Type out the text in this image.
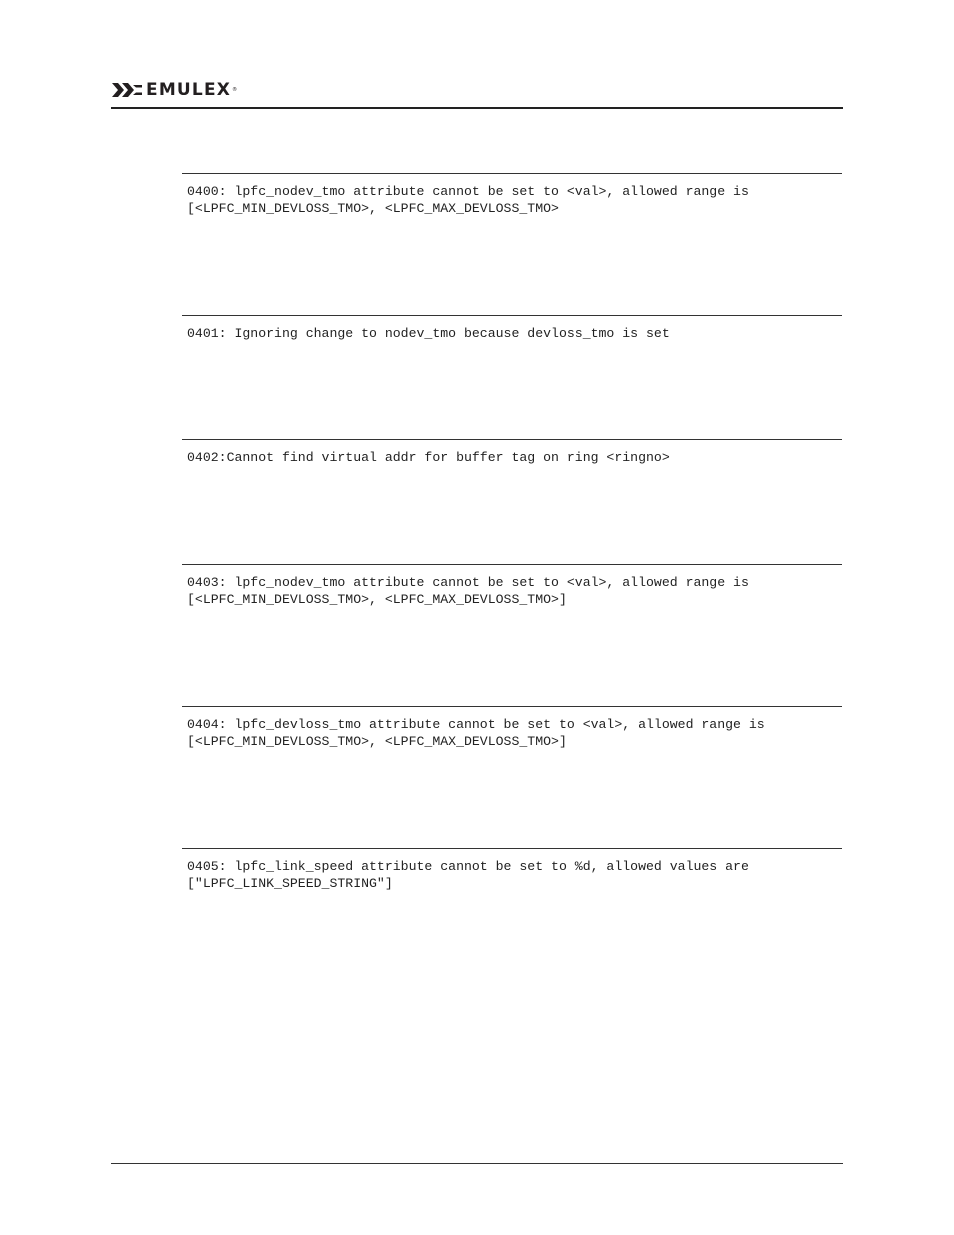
EMULEX ®
0400: lpfc_nodev_tmo attribute cannot be set to <val>, allowed range is
[<LPFC_MIN_DEVLOSS_TMO>, <LPFC_MAX_DEVLOSS_TMO>
0401: Ignoring change to nodev_tmo because devloss_tmo is set
0402:Cannot find virtual addr for buffer tag on ring <ringno>
0403: lpfc_nodev_tmo attribute cannot be set to <val>, allowed range is
[<LPFC_MIN_DEVLOSS_TMO>, <LPFC_MAX_DEVLOSS_TMO>]
0404: lpfc_devloss_tmo attribute cannot be set to <val>, allowed range is
[<LPFC_MIN_DEVLOSS_TMO>, <LPFC_MAX_DEVLOSS_TMO>]
0405: lpfc_link_speed attribute cannot be set to %d, allowed values are
["LPFC_LINK_SPEED_STRING"]
